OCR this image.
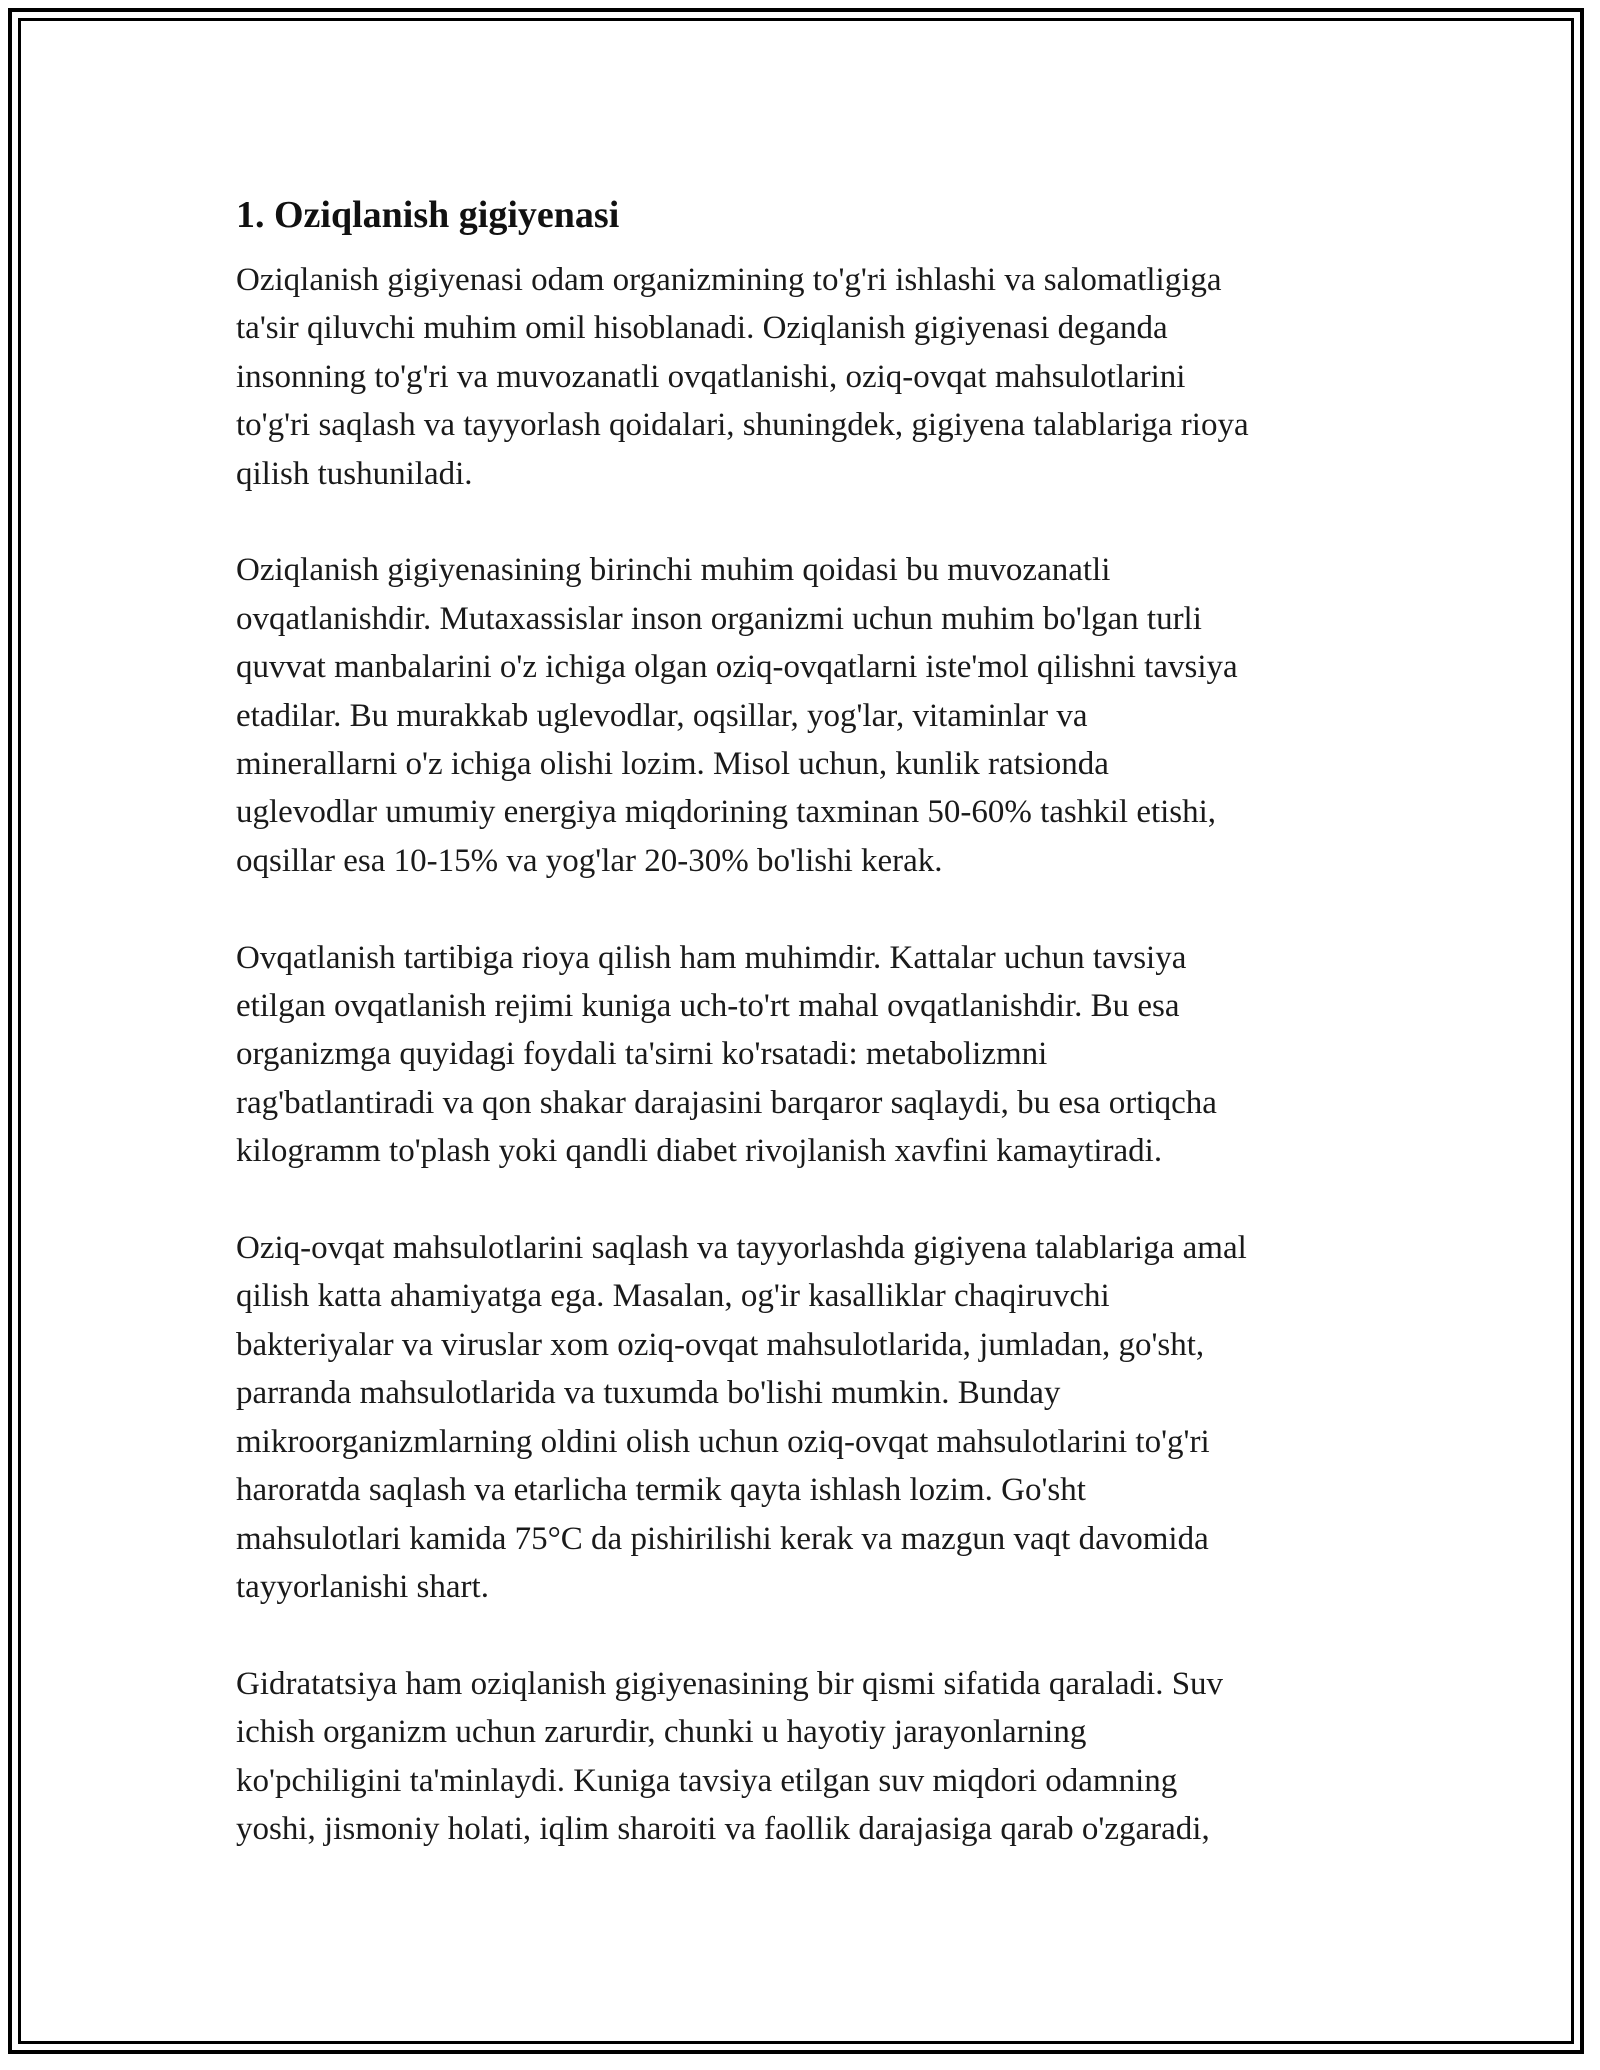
1. Oziqlanish gigiyenasi

Oziqlanish gigiyenasi odam organizmining to'g'ri ishlashi va salomatligiga
ta'sir qiluvchi muhim omil hisoblanadi. Oziqlanish gigiyenasi deganda
insonning to'g'ri va muvozanatli ovqatlanishi, oziq-ovqat mahsulotlarini
to'g'ri saqlash va tayyorlash qoidalari, shuningdek, gigiyena talablariga rioya
qilish tushuniladi.

Oziqlanish gigiyenasining birinchi muhim qoidasi bu muvozanatli
ovqatlanishdir. Mutaxassislar inson organizmi uchun muhim bo'lgan turli
quvvat manbalarini o'z ichiga olgan oziq-ovqatlarni iste'mol qilishni tavsiya
etadilar. Bu murakkab uglevodlar, oqsillar, yog'lar, vitaminlar va
minerallarni o'z ichiga olishi lozim. Misol uchun, kunlik ratsionda
uglevodlar umumiy energiya miqdorining taxminan 50-60% tashkil etishi,
oqsillar esa 10-15% va yog'lar 20-30% bo'lishi kerak.

Ovqatlanish tartibiga rioya qilish ham muhimdir. Kattalar uchun tavsiya
etilgan ovqatlanish rejimi kuniga uch-to'rt mahal ovqatlanishdir. Bu esa
organizmga quyidagi foydali ta'sirni ko'rsatadi: metabolizmni
rag'batlantiradi va qon shakar darajasini barqaror saqlaydi, bu esa ortiqcha
kilogramm to'plash yoki qandli diabet rivojlanish xavfini kamaytiradi.

Oziq-ovqat mahsulotlarini saqlash va tayyorlashda gigiyena talablariga amal
qilish katta ahamiyatga ega. Masalan, og'ir kasalliklar chaqiruvchi
bakteriyalar va viruslar xom oziq-ovqat mahsulotlarida, jumladan, go'sht,
parranda mahsulotlarida va tuxumda bo'lishi mumkin. Bunday
mikroorganizmlarning oldini olish uchun oziq-ovqat mahsulotlarini to'g'ri
haroratda saqlash va etarlicha termik qayta ishlash lozim. Go'sht
mahsulotlari kamida 75°C da pishirilishi kerak va mazgun vaqt davomida
tayyorlanishi shart.

Gidratatsiya ham oziqlanish gigiyenasining bir qismi sifatida qaraladi. Suv
ichish organizm uchun zarurdir, chunki u hayotiy jarayonlarning
ko'pchiligini ta'minlaydi. Kuniga tavsiya etilgan suv miqdori odamning
yoshi, jismoniy holati, iqlim sharoiti va faollik darajasiga qarab o'zgaradi,
